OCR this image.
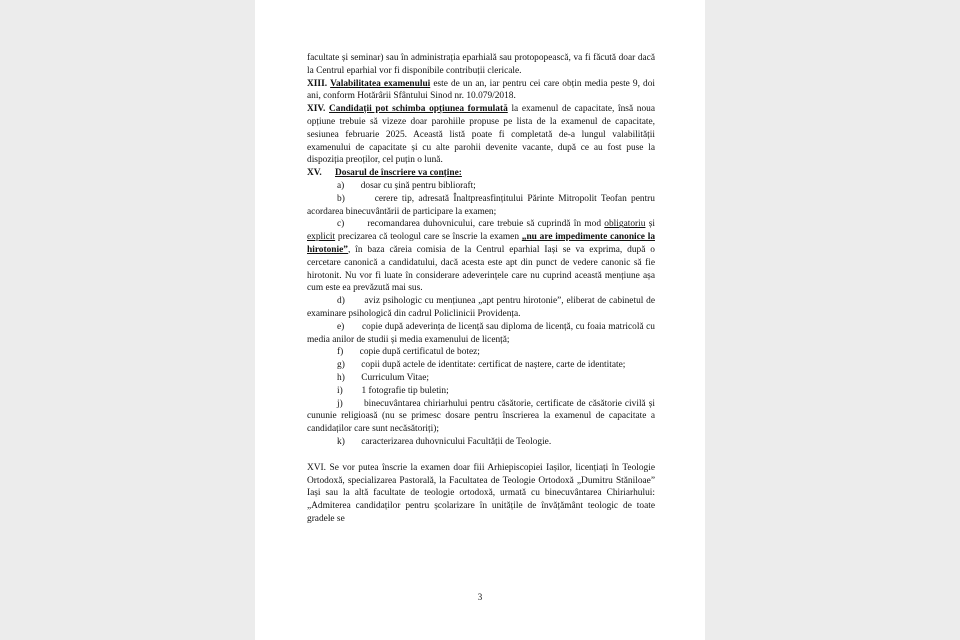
facultate și seminar) sau în administrația eparhială sau protopopească, va fi făcută doar dacă la Centrul eparhial vor fi disponibile contribuții clericale.

XIII. Valabilitatea examenului este de un an, iar pentru cei care obțin media peste 9, doi ani, conform Hotărârii Sfântului Sinod nr. 10.079/2018.

XIV. Candidații pot schimba opțiunea formulată la examenul de capacitate, însă noua opțiune trebuie să vizeze doar parohiile propuse pe lista de la examenul de capacitate, sesiunea februarie 2025. Această listă poate fi completată de-a lungul valabilității examenului de capacitate și cu alte parohii devenite vacante, după ce au fost puse la dispoziția preoților, cel puțin o lună.

XV.	Dosarul de înscriere va conține:

a) dosar cu șină pentru biblioraft;

b)	cerere tip, adresată Înaltpreasfințitului Părinte Mitropolit Teofan pentru acordarea binecuvântării de participare la examen;

c) recomandarea duhovnicului, care trebuie să cuprindă în mod obligatoriu și explicit precizarea că teologul care se înscrie la examen „nu are impedimente canonice la hirotonie”, în baza căreia comisia de la Centrul eparhial Iași se va exprima, după o cercetare canonică a candidatului, dacă acesta este apt din punct de vedere canonic să fie hirotonit. Nu vor fi luate în considerare adeverințele care nu cuprind această mențiune așa cum este ea prevăzută mai sus.

d) aviz psihologic cu mențiunea „apt pentru hirotonie”, eliberat de cabinetul de examinare psihologică din cadrul Policlinicii Providența.

e) copie după adeverința de licență sau diploma de licență, cu foaia matricolă cu media anilor de studii și media examenului de licență;

f) copie după certificatul de botez;

g) copii după actele de identitate: certificat de naștere, carte de identitate;

h) Curriculum Vitae;

i) 1 fotografie tip buletin;

j) binecuvântarea chiriarhului pentru căsătorie, certificate de căsătorie civilă și cununie religioasă (nu se primesc dosare pentru înscrierea la examenul de capacitate a candidaților care sunt necăsătoriți);

k) caracterizarea duhovnicului Facultății de Teologie.

XVI. Se vor putea înscrie la examen doar fiii Arhiepiscopiei Iașilor, licențiați în Teologie Ortodoxă, specializarea Pastorală, la Facultatea de Teologie Ortodoxă „Dumitru Stăniloae” Iași sau la altă facultate de teologie ortodoxă, urmată cu binecuvântarea Chiriarhului: „Admiterea candidaților pentru școlarizare în unitățile de învățământ teologic de toate gradele se

3
